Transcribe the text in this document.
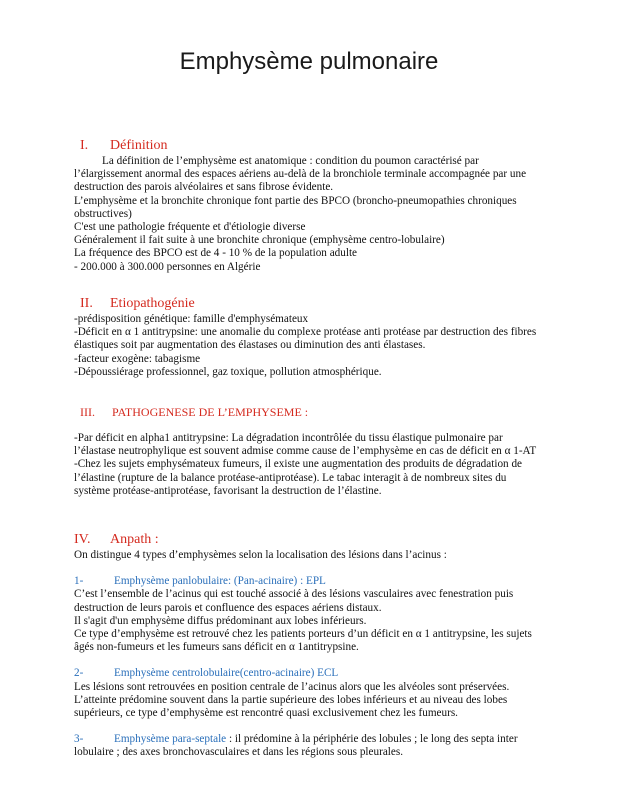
Emphysème pulmonaire
I. Définition

La définition de l’emphysème est anatomique : condition du poumon caractérisé par l’élargissement anormal des espaces aériens au-delà de la bronchiole terminale accompagnée par une destruction des parois alvéolaires et sans fibrose évidente.

L’emphysème et la bronchite chronique font partie des BPCO (broncho-pneumopathies chroniques obstructives)

C'est une pathologie fréquente et d'étiologie diverse

Généralement il fait suite à une bronchite chronique (emphysème centro-lobulaire)

La fréquence des BPCO est de 4 - 10 % de la population adulte

- 200.000 à 300.000 personnes en Algérie

II. Etiopathogénie

-prédisposition génétique: famille d'emphysémateux

-Déficit en α 1 antitrypsine: une anomalie du complexe protéase anti protéase par destruction des fibres élastiques soit par augmentation des élastases ou diminution des anti élastases.

-facteur exogène: tabagisme

-Dépoussiérage professionnel, gaz toxique, pollution atmosphérique.

III. PATHOGENESE DE L’EMPHYSEME :

-Par déficit en alpha1 antitrypsine: La dégradation incontrôlée du tissu élastique pulmonaire par l’élastase neutrophylique est souvent admise comme cause de l’emphysème en cas de déficit en α 1-AT

-Chez les sujets emphysémateux fumeurs, il existe une augmentation des produits de dégradation de l’élastine (rupture de la balance protéase-antiprotéase). Le tabac interagit à de nombreux sites du système protéase-antiprotéase, favorisant la destruction de l’élastine.

IV. Anpath :

On distingue 4 types d’emphysèmes selon la localisation des lésions dans l’acinus :

1-	Emphysème panlobulaire: (Pan-acinaire) : EPL

C’est l’ensemble de l’acinus qui est touché associé à des lésions vasculaires avec fenestration puis destruction de leurs parois et confluence des espaces aériens distaux.

Il s'agit d'un emphysème diffus prédominant aux lobes inférieurs.

Ce type d’emphysème est retrouvé chez les patients porteurs d’un déficit en α 1 antitrypsine, les sujets âgés non-fumeurs et les fumeurs sans déficit en α 1antitrypsine.

2-	Emphysème centrolobulaire(centro-acinaire) ECL

Les lésions sont retrouvées en position centrale de l’acinus alors que les alvéoles sont préservées.

L’atteinte prédomine souvent dans la partie supérieure des lobes inférieurs et au niveau des lobes supérieurs, ce type d’emphysème est rencontré quasi exclusivement chez les fumeurs.

3-	Emphysème para-septale : il prédomine à la périphérie des lobules ; le long des septa inter lobulaire ; des axes bronchovasculaires et dans les régions sous pleurales.
